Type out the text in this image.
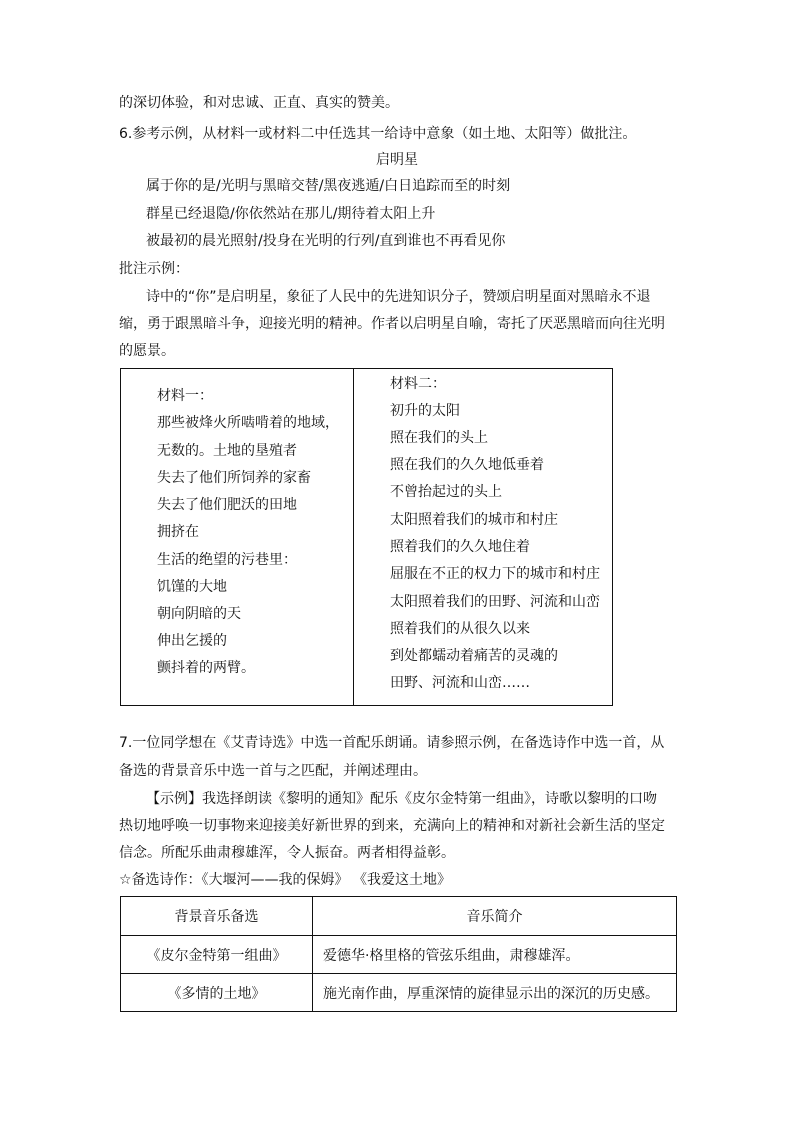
的深切体验，和对忠诚、正直、真实的赞美。
6.参考示例，从材料一或材料二中任选其一给诗中意象（如土地、太阳等）做批注。
启明星
属于你的是/光明与黑暗交替/黑夜逃遁/白日追踪而至的时刻
群星已经退隐/你依然站在那儿/期待着太阳上升
被最初的晨光照射/投身在光明的行列/直到谁也不再看见你
批注示例：
诗中的“你”是启明星，象征了人民中的先进知识分子，赞颂启明星面对黑暗永不退
缩，勇于跟黑暗斗争，迎接光明的精神。作者以启明星自喻，寄托了厌恶黑暗而向往光明
的愿景。
材料一：
那些被烽火所啮啃着的地域，
无数的。土地的垦殖者
失去了他们所饲养的家畜
失去了他们肥沃的田地
拥挤在
生活的绝望的污巷里：
饥馑的大地
朝向阴暗的天
伸出乞援的
颤抖着的两臂。
材料二：
初升的太阳
照在我们的头上
照在我们的久久地低垂着
不曾抬起过的头上
太阳照着我们的城市和村庄
照着我们的久久地住着
屈服在不正的权力下的城市和村庄
太阳照着我们的田野、河流和山峦
照着我们的从很久以来
到处都蠕动着痛苦的灵魂的
田野、河流和山峦……
7.一位同学想在《艾青诗选》中选一首配乐朗诵。请参照示例，在备选诗作中选一首，从
备选的背景音乐中选一首与之匹配，并阐述理由。
【示例】我选择朗读《黎明的通知》配乐《皮尔金特第一组曲》，诗歌以黎明的口吻
热切地呼唤一切事物来迎接美好新世界的到来，充满向上的精神和对新社会新生活的坚定
信念。所配乐曲肃穆雄浑，令人振奋。两者相得益彰。
☆备选诗作：《大堰河——我的保姆》 《我爱这土地》
背景音乐备选	音乐简介
《皮尔金特第一组曲》	爱德华·格里格的管弦乐组曲，肃穆雄浑。
《多情的土地》	施光南作曲，厚重深情的旋律显示出的深沉的历史感。
